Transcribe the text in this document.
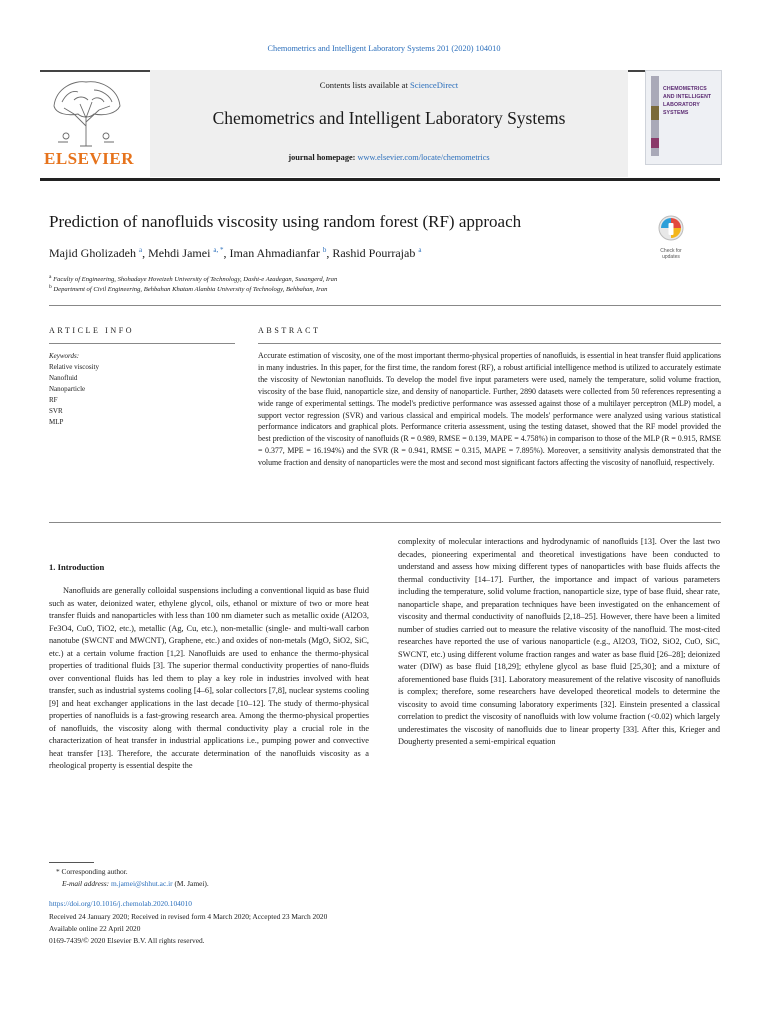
Chemometrics and Intelligent Laboratory Systems 201 (2020) 104010
ELSEVIER
Contents lists available at ScienceDirect
Chemometrics and Intelligent Laboratory Systems
journal homepage: www.elsevier.com/locate/chemometrics
CHEMOMETRICS
AND INTELLIGENT
LABORATORY
SYSTEMS
Prediction of nanofluids viscosity using random forest (RF) approach
Check for
updates
Majid Gholizadeh $^a$, Mehdi Jamei $^{a, *}$, Iman Ahmadianfar $^b$, Rashid Pourrajab $^a$
$^a$ Faculty of Engineering, Shohadaye Hoveizeh University of Technology, Dasht-e Azadegan, Susangerd, Iran
$^b$ Department of Civil Engineering, Behbahan Khatam Alanbia University of Technology, Behbahan, Iran
ARTICLE INFO
Keywords:
Relative viscosity
Nanofluid
Nanoparticle
RF
SVR
MLP
ABSTRACT
Accurate estimation of viscosity, one of the most important thermo-physical properties of nanofluids, is essential in heat transfer fluid applications in many industries. In this paper, for the first time, the random forest (RF), a robust artificial intelligence method is utilized to accurately estimate the viscosity of Newtonian nanofluids. To develop the model five input parameters were used, namely the temperature, solid volume fraction, viscosity of the base fluid, nanoparticle size, and density of nanoparticle. Further, 2890 datasets were collected from 50 references representing a wide range of experimental settings. The model's predictive performance was assessed against those of a multilayer perceptron (MLP) model, a support vector regression (SVR) and various classical and empirical models. The models' performance were analyzed using various statistical performance indicators and graphical plots. Performance criteria assessment, using the testing dataset, showed that the RF model provided the best prediction of the viscosity of nanofluids (R = 0.989, RMSE = 0.139, MAPE = 4.758%) in comparison to those of the MLP (R = 0.915, RMSE = 0.377, MPE = 16.194%) and the SVR (R = 0.941, RMSE = 0.315, MAPE = 7.895%). Moreover, a sensitivity analysis demonstrated that the volume fraction and density of nanoparticles were the most and second most significant factors affecting the viscosity of nanofluid, respectively.
1. Introduction
Nanofluids are generally colloidal suspensions including a conventional liquid as base fluid such as water, deionized water, ethylene glycol, oils, ethanol or mixture of two or more heat transfer fluids and nanoparticles with less than 100 nm diameter such as metallic oxide (Al2O3, Fe3O4, CuO, TiO2, etc.), metallic (Ag, Cu, etc.), non-metallic (single- and multi-wall carbon nanotube (SWCNT and MWCNT), Graphene, etc.) and oxides of non-metals (MgO, SiO2, SiC, etc.) at a certain volume fraction [1,2]. Nanofluids are used to enhance the thermo-physical properties of traditional fluids [3]. The superior thermal conductivity properties of nano-fluids over conventional fluids has led them to play a key role in industries involved with heat transfer, such as industrial systems cooling [4–6], solar collectors [7,8], nuclear systems cooling [9] and heat exchanger applications in the last decade [10–12]. The study of thermo-physical properties of nanofluids is a fast-growing research area. Among the thermo-physical properties of nanofluids, the viscosity along with thermal conductivity play a crucial role in the characterization of heat transfer in industrial applications i.e., pumping power and convective heat transfer [13]. Therefore, the accurate determination of the nanofluids viscosity as a rheological property is essential despite the
complexity of molecular interactions and hydrodynamic of nanofluids [13]. Over the last two decades, pioneering experimental and theoretical investigations have been conducted to understand and assess how mixing different types of nanoparticles with base fluids affects the thermal conductivity [14–17]. Further, the importance and impact of various parameters including the temperature, solid volume fraction, nanoparticle size, type of base fluid, shear rate, nanoparticle shape, and preparation techniques have been investigated on the enhancement of viscosity and thermal conductivity of nanofluids [2,18–25]. However, there have been a limited number of studies carried out to measure the relative viscosity of the nanofluid. The most-cited researches have reported the use of various nanoparticle (e.g., Al2O3, TiO2, SiO2, CuO, SiC, SWCNT, etc.) using different volume fraction ranges and water as base fluid [26–28]; deionized water (DIW) as base fluid [18,29]; ethylene glycol as base fluid [25,30]; and a mixture of aforementioned base fluids [31]. Laboratory measurement of the relative viscosity of nanofluids is complex; therefore, some researchers have developed theoretical models to determine the viscosity to avoid time consuming laboratory experiments [32]. Einstein presented a classical correlation to predict the viscosity of nanofluids with low volume fraction (<0.02) which largely underestimates the viscosity of nanofluids due to linear property [33]. After this, Krieger and Dougherty presented a semi-empirical equation
* Corresponding author.
E-mail address: m.jamei@shhut.ac.ir (M. Jamei).
https://doi.org/10.1016/j.chemolab.2020.104010
Received 24 January 2020; Received in revised form 4 March 2020; Accepted 23 March 2020
Available online 22 April 2020
0169-7439/© 2020 Elsevier B.V. All rights reserved.
